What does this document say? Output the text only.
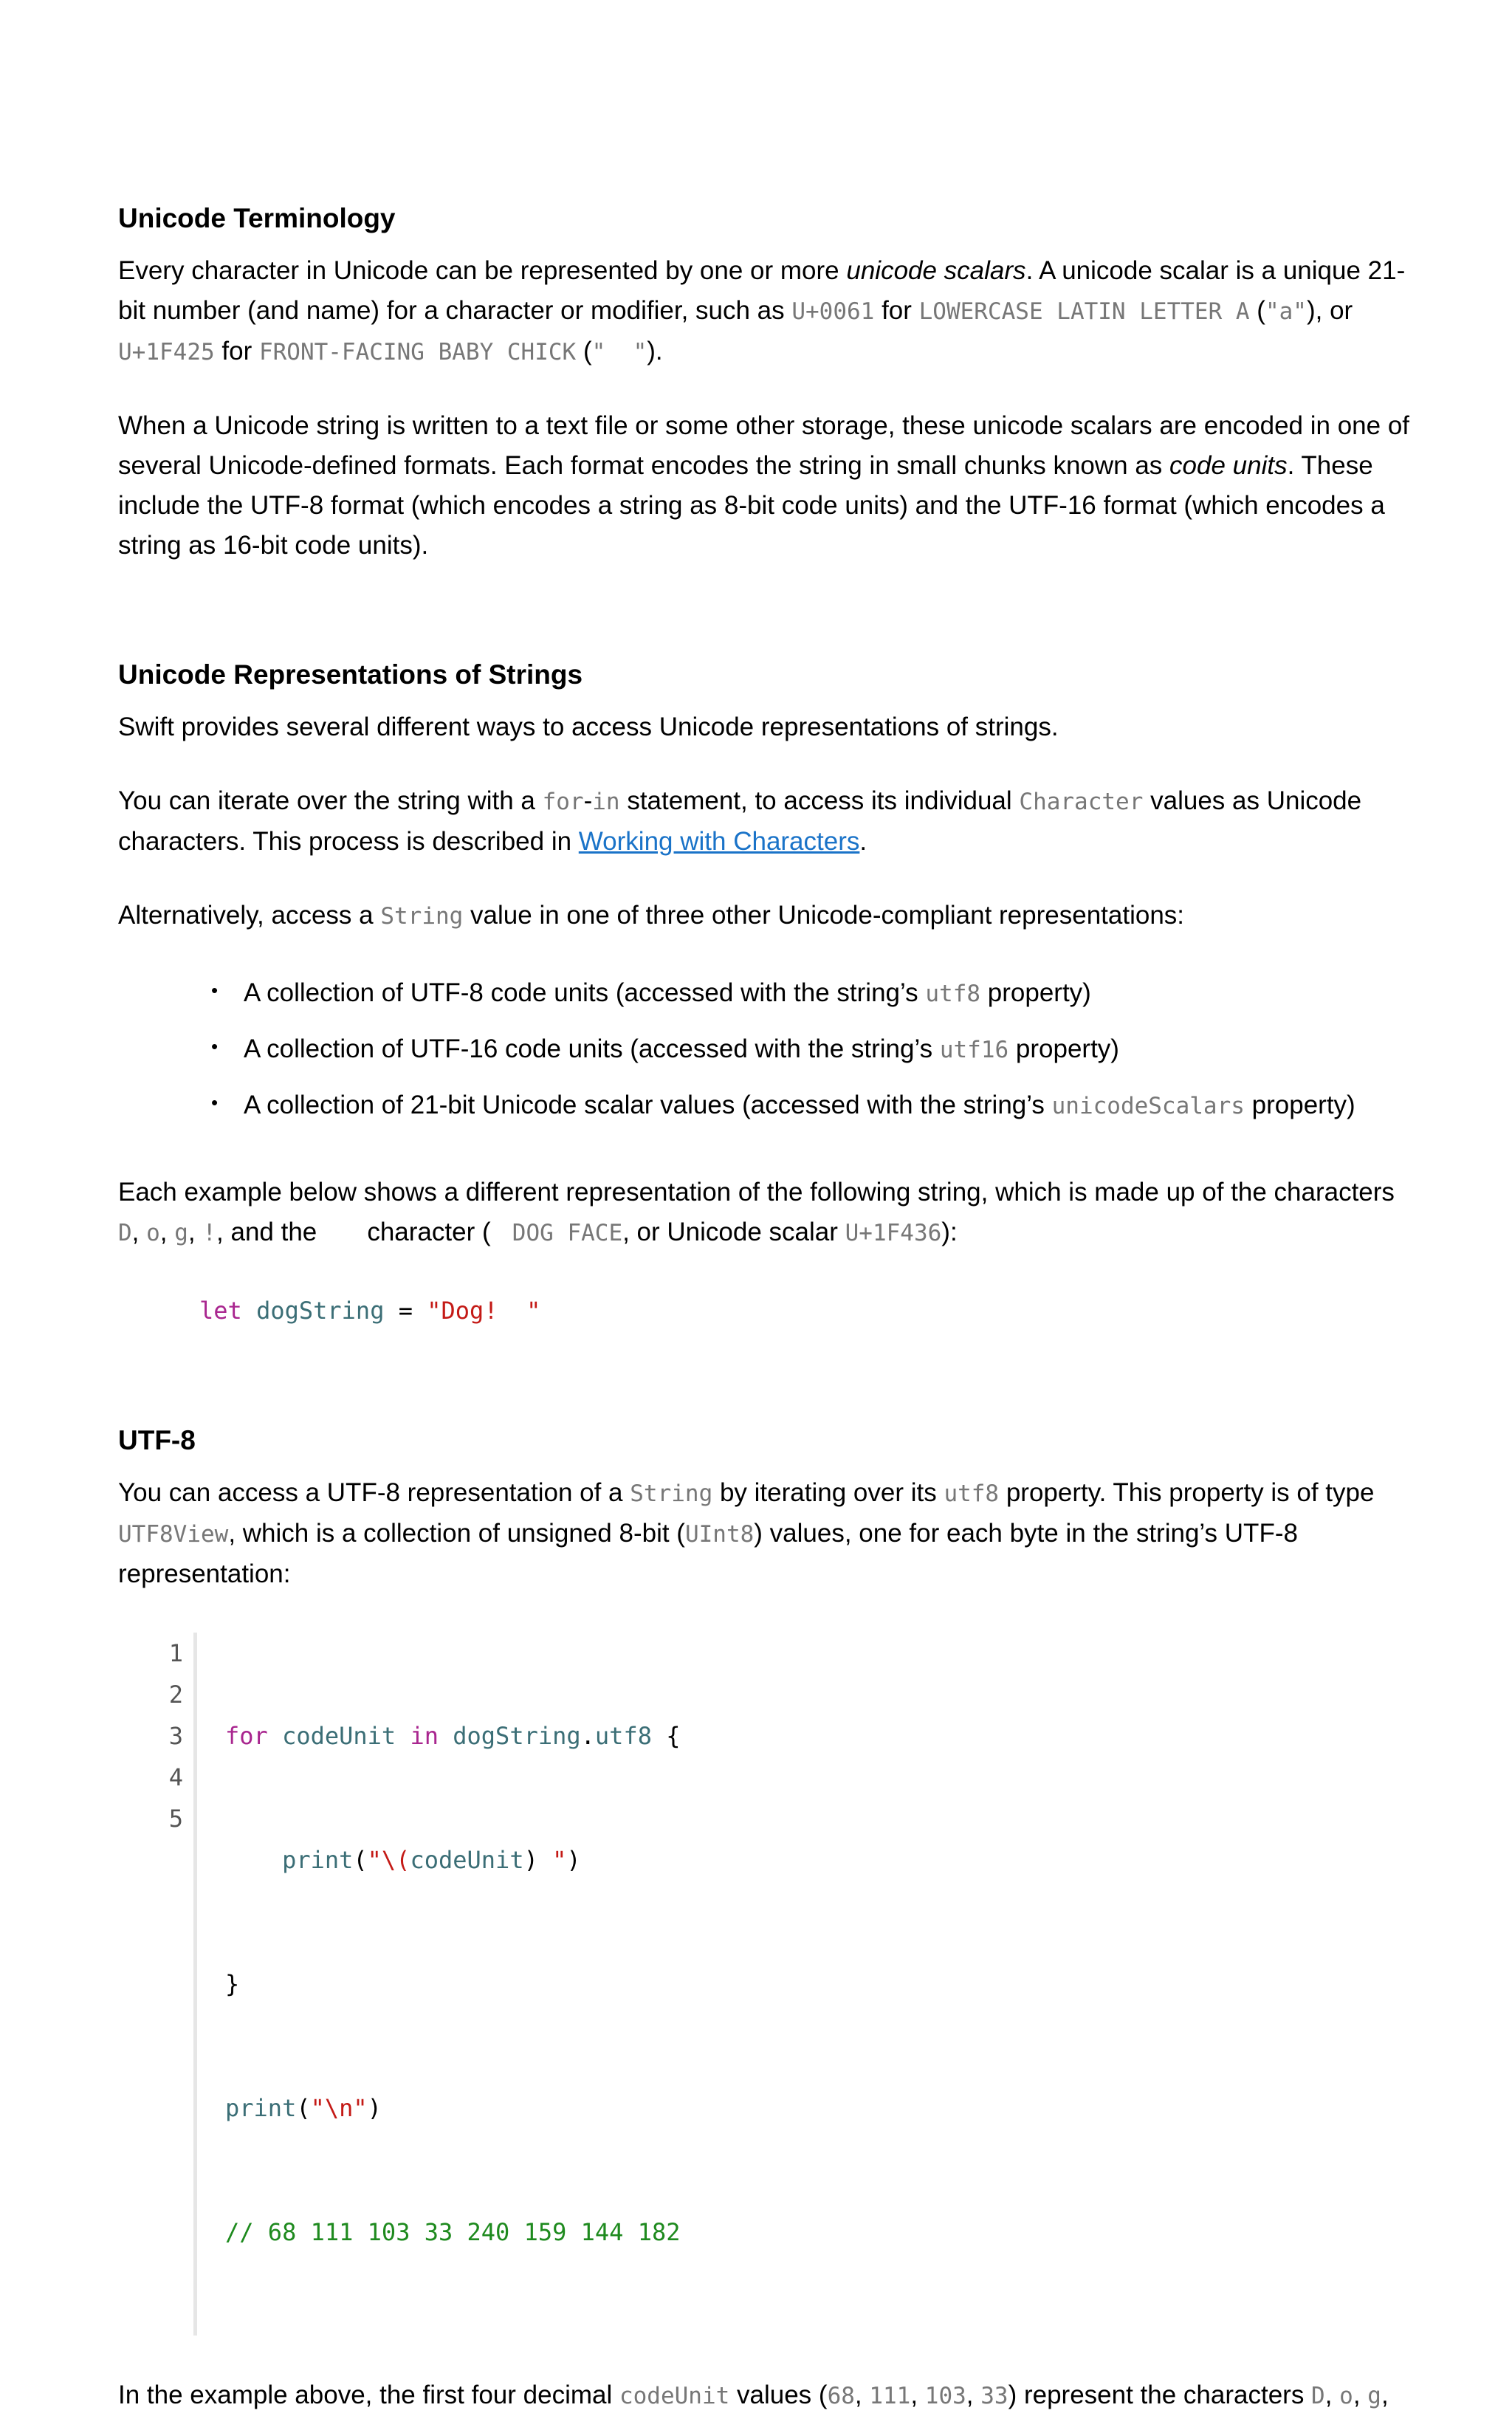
Unicode Terminology

Every character in Unicode can be represented by one or more unicode scalars. A unicode scalar is a unique 21-bit number (and name) for a character or modifier, such as U+0061 for LOWERCASE LATIN LETTER A ("a"), or U+1F425 for FRONT-FACING BABY CHICK ("  ").

When a Unicode string is written to a text file or some other storage, these unicode scalars are encoded in one of several Unicode-defined formats. Each format encodes the string in small chunks known as code units. These include the UTF-8 format (which encodes a string as 8-bit code units) and the UTF-16 format (which encodes a string as 16-bit code units).

Unicode Representations of Strings

Swift provides several different ways to access Unicode representations of strings.

You can iterate over the string with a for-in statement, to access its individual Character values as Unicode characters. This process is described in Working with Characters.

Alternatively, access a String value in one of three other Unicode-compliant representations:

• A collection of UTF-8 code units (accessed with the string’s utf8 property)
• A collection of UTF-16 code units (accessed with the string’s utf16 property)
• A collection of 21-bit Unicode scalar values (accessed with the string’s unicodeScalars property)

Each example below shows a different representation of the following string, which is made up of the characters D, o, g, !, and the       character (   DOG FACE, or Unicode scalar U+1F436):

let dogString = "Dog!  "
UTF-8

You can access a UTF-8 representation of a String by iterating over its utf8 property. This property is of type UTF8View, which is a collection of unsigned 8-bit (UInt8) values, one for each byte in the string’s UTF-8 representation:

1
2
3
4
5

for codeUnit in dogString.utf8 {

print("\(codeUnit) ")

}

print("\n")

// 68 111 103 33 240 159 144 182

In the example above, the first four decimal codeUnit values (68, 111, 103, 33) represent the characters D, o, g,
